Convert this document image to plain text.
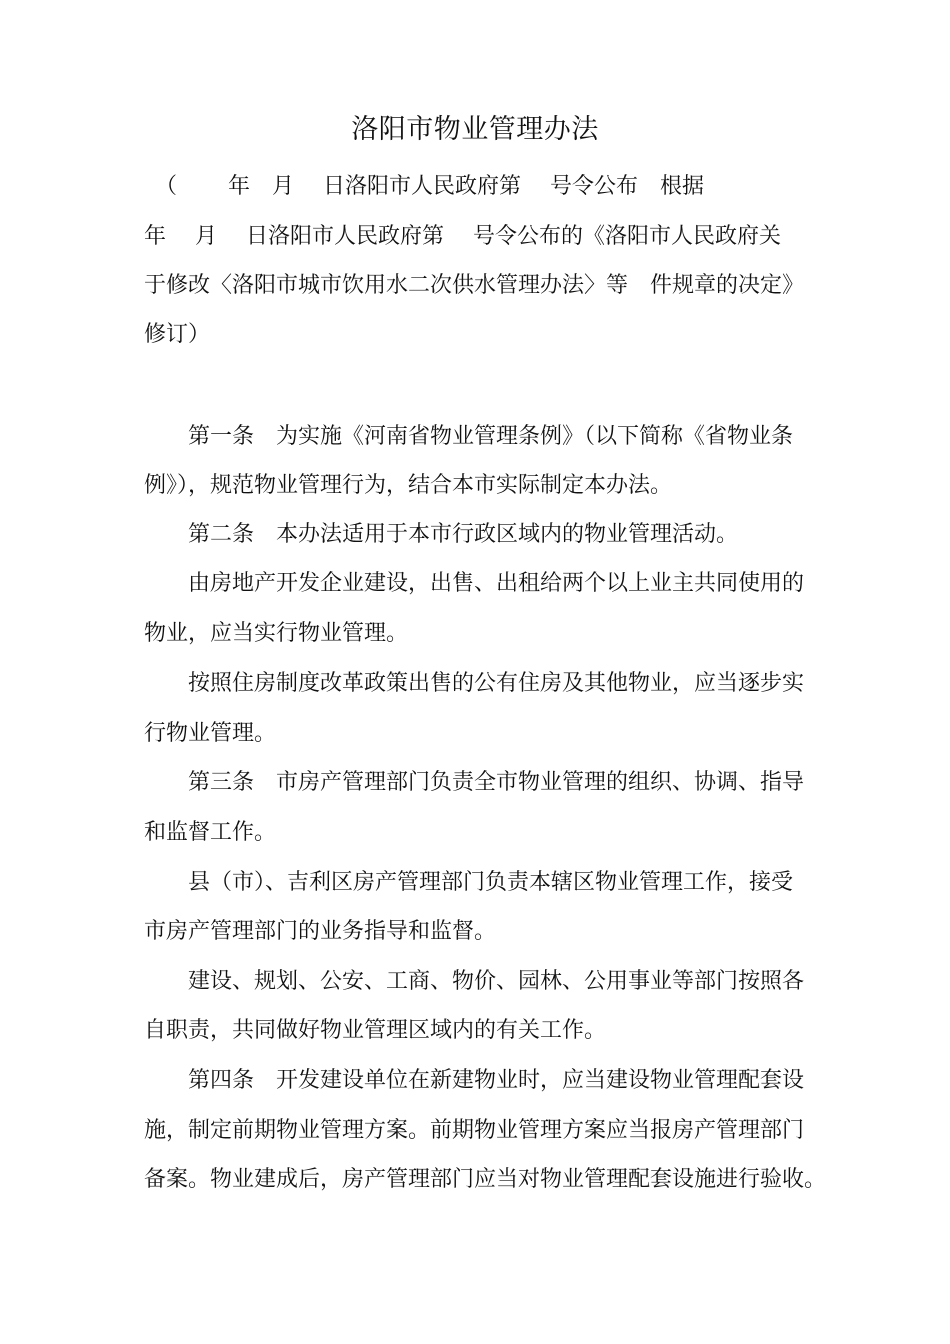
洛阳市物业管理办法

　（　　 年　月　 日洛阳市人民政府第　 号令公布　根据

年　 月　 日洛阳市人民政府第　 号令公布的《洛阳市人民政府关

于修改〈洛阳市城市饮用水二次供水管理办法〉等　件规章的决定》

修订）

　　第一条　为实施《河南省物业管理条例》（以下简称《省物业条

例》），规范物业管理行为，结合本市实际制定本办法。

　　第二条　本办法适用于本市行政区域内的物业管理活动。

　　由房地产开发企业建设，出售、出租给两个以上业主共同使用的

物业，应当实行物业管理。

　　按照住房制度改革政策出售的公有住房及其他物业，应当逐步实

行物业管理。

　　第三条　市房产管理部门负责全市物业管理的组织、协调、指导

和监督工作。

　　县（市）、吉利区房产管理部门负责本辖区物业管理工作，接受

市房产管理部门的业务指导和监督。

　　建设、规划、公安、工商、物价、园林、公用事业等部门按照各

自职责，共同做好物业管理区域内的有关工作。

　　第四条　开发建设单位在新建物业时，应当建设物业管理配套设

施，制定前期物业管理方案。前期物业管理方案应当报房产管理部门

备案。物业建成后，房产管理部门应当对物业管理配套设施进行验收。
